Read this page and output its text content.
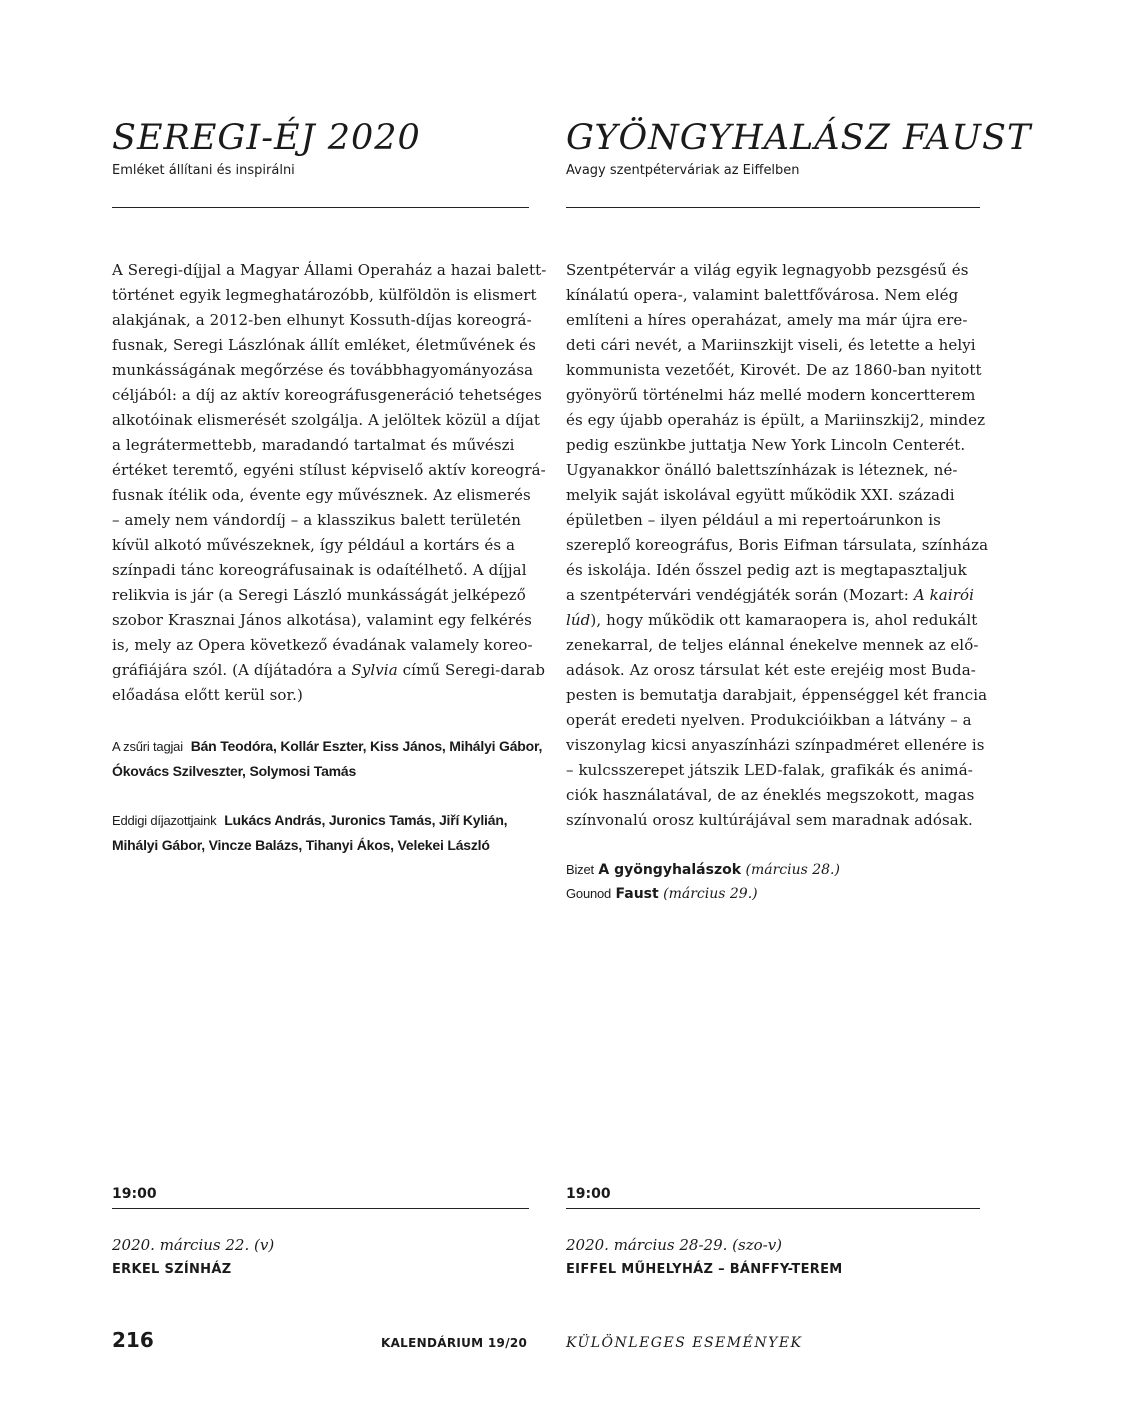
SEREGI-ÉJ 2020

Emléket állítani és inspirálni

A Seregi-díjjal a Magyar Állami Operaház a hazai balett-
történet egyik legmeghatározóbb, külföldön is elismert
alakjának, a 2012-ben elhunyt Kossuth-díjas koreográ-
fusnak, Seregi Lászlónak állít emléket, életművének és
munkásságának megőrzése és továbbhagyományozása
céljából: a díj az aktív koreográfusgeneráció tehetséges
alkotóinak elismerését szolgálja. A jelöltek közül a díjat
a legrátermettebb, maradandó tartalmat és művészi
értéket teremtő, egyéni stílust képviselő aktív koreográ-
fusnak ítélik oda, évente egy művésznek. Az elismerés
– amely nem vándordíj – a klasszikus balett területén
kívül alkotó művészeknek, így például a kortárs és a
színpadi tánc koreográfusainak is odaítélhető. A díjjal
relikvia is jár (a Seregi László munkásságát jelképező
szobor Krasznai János alkotása), valamint egy felkérés
is, mely az Opera következő évadának valamely koreo-
gráfiájára szól. (A díjátadóra a Sylvia című Seregi-darab
előadása előtt kerül sor.)

A zsűri tagjai Bán Teodóra, Kollár Eszter, Kiss János, Mihályi Gábor,
Ókovács Szilveszter, Solymosi Tamás
Eddigi díjazottjaink Lukács András, Juronics Tamás, Jiří Kylián,
Mihályi Gábor, Vincze Balázs, Tihanyi Ákos, Velekei László
19:00
2020. március 22. (v)
ERKEL SZÍNHÁZ
GYÖNGYHALÁSZ FAUST

Avagy szentpéterváriak az Eiffelben

Szentpétervár a világ egyik legnagyobb pezsgésű és
kínálatú opera-, valamint balettfővárosa. Nem elég
említeni a híres operaházat, amely ma már újra ere-
deti cári nevét, a Mariinszkijt viseli, és letette a helyi
kommunista vezetőét, Kirovét. De az 1860-ban nyitott
gyönyörű történelmi ház mellé modern koncertterem
és egy újabb operaház is épült, a Mariinszkij2, mindez
pedig eszünkbe juttatja New York Lincoln Centerét.
Ugyanakkor önálló balettszínházak is léteznek, né-
melyik saját iskolával együtt működik XXI. századi
épületben – ilyen például a mi repertoárunkon is
szereplő koreográfus, Boris Eifman társulata, színháza
és iskolája. Idén ősszel pedig azt is megtapasztaljuk
a szentpétervári vendégjáték során (Mozart: A kairói
lúd), hogy működik ott kamaraopera is, ahol redukált
zenekarral, de teljes elánnal énekelve mennek az elő-
adások. Az orosz társulat két este erejéig most Buda-
pesten is bemutatja darabjait, éppenséggel két francia
operát eredeti nyelven. Produkcióikban a látvány – a
viszonylag kicsi anyaszínházi színpadméret ellenére is
– kulcsszerepet játszik LED-falak, grafikák és animá-
ciók használatával, de az éneklés megszokott, magas
színvonalú orosz kultúrájával sem maradnak adósak.

Bizet A gyöngyhalászok (március 28.)
Gounod Faust (március 29.)
19:00
2020. március 28-29. (szo-v)
EIFFEL MŰHELYHÁZ – BÁNFFY-TEREM
216	KALENDÁRIUM 19/20	KÜLÖNLEGES ESEMÉNYEK
